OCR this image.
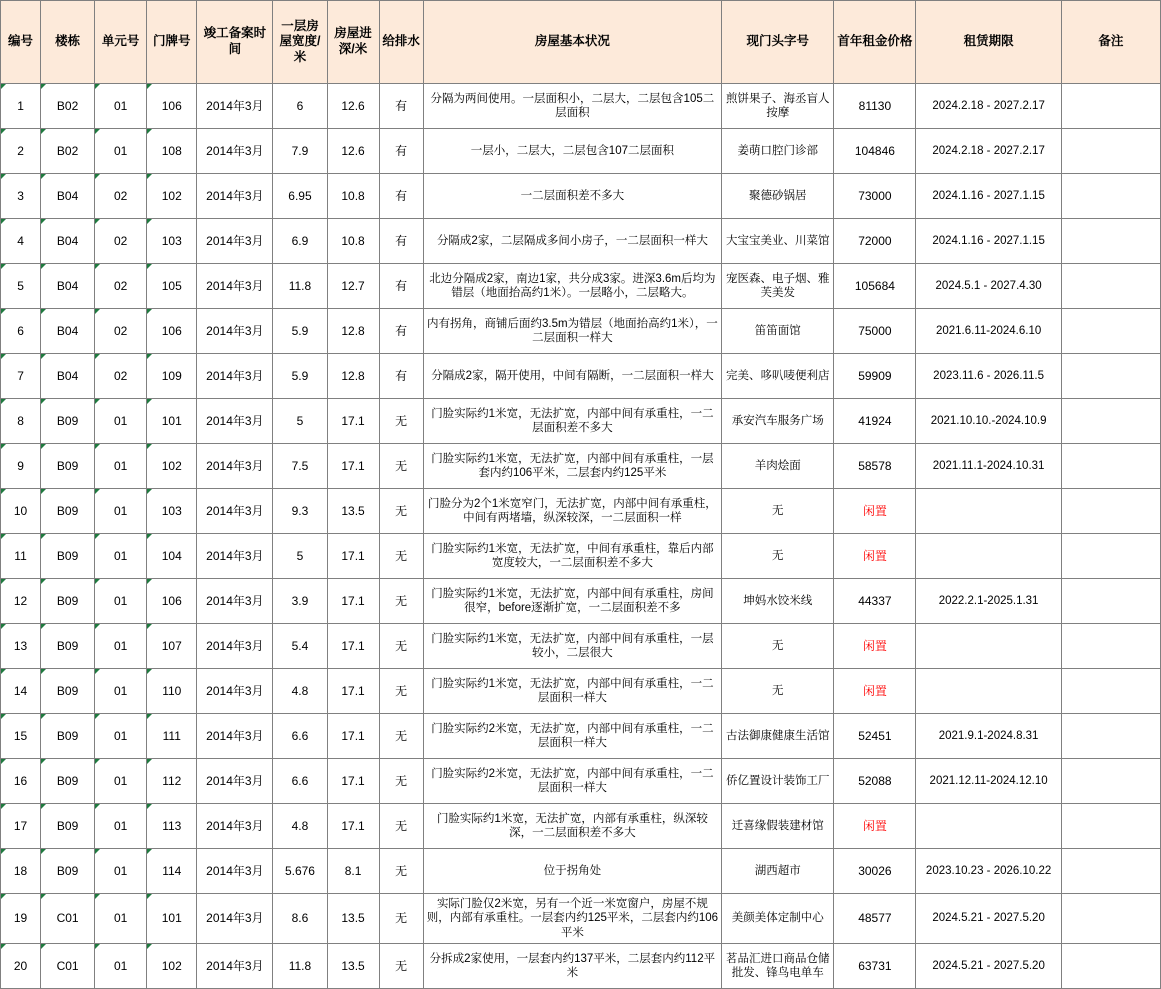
编号	楼栋	单元号	门牌号	竣工备案时间	一层房屋宽度/米	房屋进深/米	给排水	房屋基本状况	现门头字号	首年租金价格	租赁期限	备注
1	B02	01	106	2014年3月	6	12.6	有	分隔为两间使用。一层面积小，二层大，二层包含105二层面积	煎饼果子、海丞盲人按摩	81130	2024.2.18 - 2027.2.17	
2	B02	01	108	2014年3月	7.9	12.6	有	一层小，二层大，二层包含107二层面积	姜萌口腔门诊部	104846	2024.2.18 - 2027.2.17	
3	B04	02	102	2014年3月	6.95	10.8	有	一二层面积差不多大	聚德砂锅居	73000	2024.1.16 - 2027.1.15	
4	B04	02	103	2014年3月	6.9	10.8	有	分隔成2家，二层隔成多间小房子，一二层面积一样大	大宝宝美业、川菜馆	72000	2024.1.16 - 2027.1.15	
5	B04	02	105	2014年3月	11.8	12.7	有	北边分隔成2家，南边1家，共分成3家。进深3.6m后均为错层（地面抬高约1米）。一层略小，二层略大。	宠医森、电子烟、雅芙美发	105684	2024.5.1 - 2027.4.30	
6	B04	02	106	2014年3月	5.9	12.8	有	内有拐角，商铺后面约3.5m为错层（地面抬高约1米），一二层面积一样大	笛笛面馆	75000	2021.6.11-2024.6.10	
7	B04	02	109	2014年3月	5.9	12.8	有	分隔成2家，隔开使用，中间有隔断，一二层面积一样大	完美、哆叭唛便利店	59909	2023.11.6 - 2026.11.5	
8	B09	01	101	2014年3月	5	17.1	无	门脸实际约1米宽，无法扩宽，内部中间有承重柱，一二层面积差不多大	承安汽车服务广场	41924	2021.10.10.-2024.10.9	
9	B09	01	102	2014年3月	7.5	17.1	无	门脸实际约1米宽，无法扩宽，内部中间有承重柱，一层套内约106平米，二层套内约125平米	羊肉烩面	58578	2021.11.1-2024.10.31	
10	B09	01	103	2014年3月	9.3	13.5	无	门脸分为2个1米宽窄门，无法扩宽，内部中间有承重柱，中间有两堵墙，纵深较深，一二层面积一样	无	闲置		
11	B09	01	104	2014年3月	5	17.1	无	门脸实际约1米宽，无法扩宽，中间有承重柱，靠后内部宽度较大，一二层面积差不多大	无	闲置		
12	B09	01	106	2014年3月	3.9	17.1	无	门脸实际约1米宽，无法扩宽，内部中间有承重柱，房间很窄，before逐渐扩宽，一二层面积差不多	坤妈水饺米线	44337	2022.2.1-2025.1.31	
13	B09	01	107	2014年3月	5.4	17.1	无	门脸实际约1米宽，无法扩宽，内部中间有承重柱，一层较小，二层很大	无	闲置		
14	B09	01	110	2014年3月	4.8	17.1	无	门脸实际约1米宽，无法扩宽，内部中间有承重柱，一二层面积一样大	无	闲置		
15	B09	01	111	2014年3月	6.6	17.1	无	门脸实际约2米宽，无法扩宽，内部中间有承重柱，一二层面积一样大	古法御康健康生活馆	52451	2021.9.1-2024.8.31	
16	B09	01	112	2014年3月	6.6	17.1	无	门脸实际约2米宽，无法扩宽，内部中间有承重柱，一二层面积一样大	侨亿置设计装饰工厂	52088	2021.12.11-2024.12.10	
17	B09	01	113	2014年3月	4.8	17.1	无	门脸实际约1米宽，无法扩宽，内部有承重柱，纵深较深，一二层面积差不多大	迁喜缘假装建材馆	闲置		
18	B09	01	114	2014年3月	5.676	8.1	无	位于拐角处	湖西超市	30026	2023.10.23 - 2026.10.22	
19	C01	01	101	2014年3月	8.6	13.5	无	实际门脸仅2米宽，另有一个近一米宽窗户，房屋不规则，内部有承重柱。一层套内约125平米，二层套内约106平米	美颜美体定制中心	48577	2024.5.21 - 2027.5.20	
20	C01	01	102	2014年3月	11.8	13.5	无	分拆成2家使用，一层套内约137平米，二层套内约112平米	茗品汇进口商品仓储批发、锋鸟电单车	63731	2024.5.21 - 2027.5.20	
